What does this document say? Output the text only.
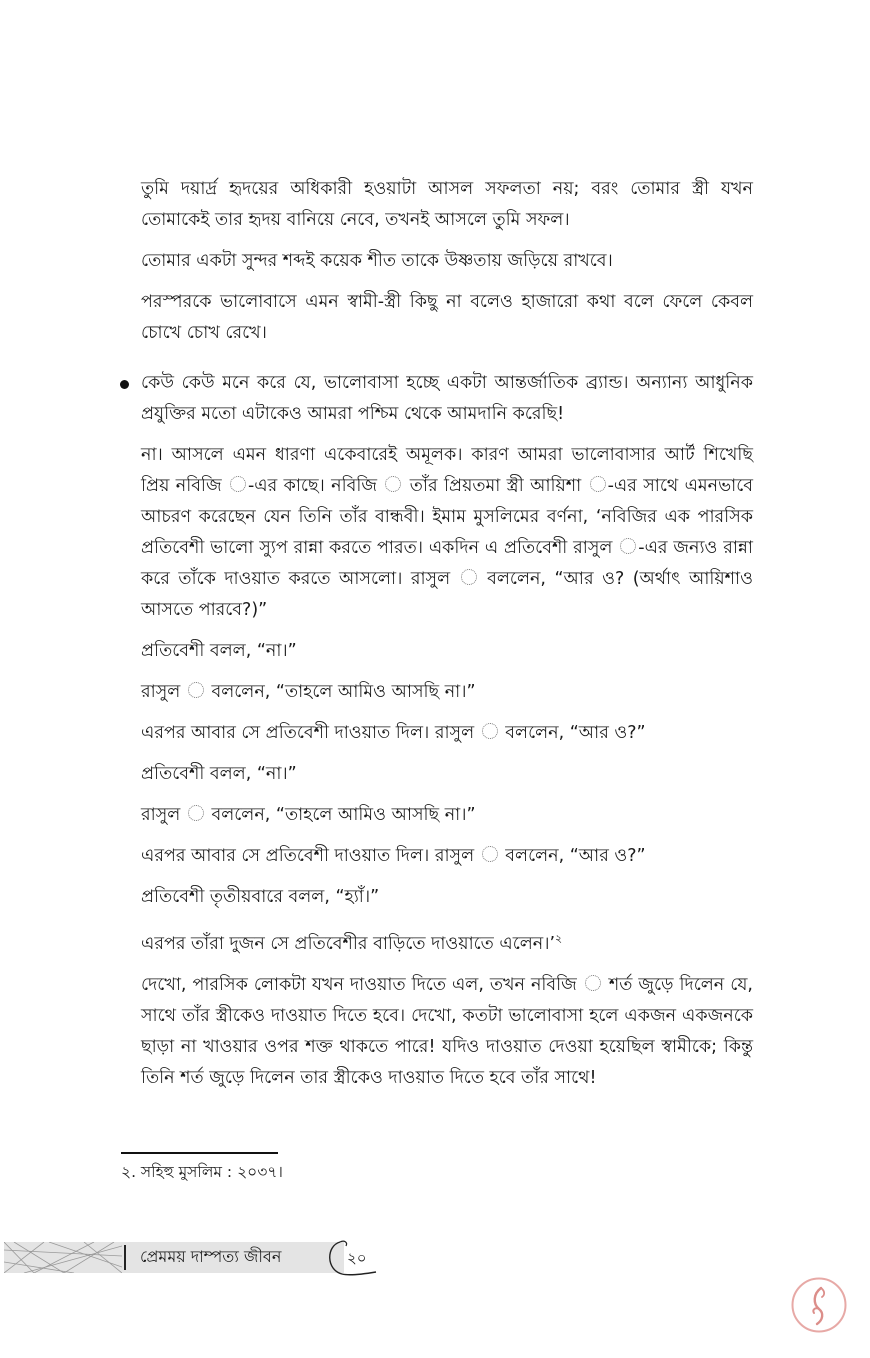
তুমি দয়ার্দ্র হৃদয়ের অধিকারী হওয়াটা আসল সফলতা নয়; বরং তোমার স্ত্রী যখন তোমাকেই তার হৃদয় বানিয়ে নেবে, তখনই আসলে তুমি সফল।

তোমার একটা সুন্দর শব্দই কয়েক শীত তাকে উষ্ণতায় জড়িয়ে রাখবে।

পরস্পরকে ভালোবাসে এমন স্বামী-স্ত্রী কিছু না বলেও হাজারো কথা বলে ফেলে কেবল চোখে চোখ রেখে।

কেউ কেউ মনে করে যে, ভালোবাসা হচ্ছে একটা আন্তর্জাতিক ব্র্যান্ড। অন্যান্য আধুনিক প্রযুক্তির মতো এটাকেও আমরা পশ্চিম থেকে আমদানি করেছি!

না। আসলে এমন ধারণা একেবারেই অমূলক। কারণ আমরা ভালোবাসার আর্ট শিখেছি প্রিয় নবিজি -এর কাছে। নবিজি তাঁর প্রিয়তমা স্ত্রী আয়িশা -এর সাথে এমনভাবে আচরণ করেছেন যেন তিনি তাঁর বান্ধবী। ইমাম মুসলিমের বর্ণনা, ‘নবিজির এক পারসিক প্রতিবেশী ভালো স্যুপ রান্না করতে পারত। একদিন এ প্রতিবেশী রাসুল -এর জন্যও রান্না করে তাঁকে দাওয়াত করতে আসলো। রাসুল বললেন, “আর ও? (অর্থাৎ আয়িশাও আসতে পারবে?)”

প্রতিবেশী বলল, “না।”

রাসুল বললেন, “তাহলে আমিও আসছি না।”

এরপর আবার সে প্রতিবেশী দাওয়াত দিল। রাসুল বললেন, “আর ও?”

প্রতিবেশী বলল, “না।”

রাসুল বললেন, “তাহলে আমিও আসছি না।”

এরপর আবার সে প্রতিবেশী দাওয়াত দিল। রাসুল বললেন, “আর ও?”

প্রতিবেশী তৃতীয়বারে বলল, “হ্যাঁ।”

এরপর তাঁরা দুজন সে প্রতিবেশীর বাড়িতে দাওয়াতে এলেন।’$^২$

দেখো, পারসিক লোকটা যখন দাওয়াত দিতে এল, তখন নবিজি শর্ত জুড়ে দিলেন যে, সাথে তাঁর স্ত্রীকেও দাওয়াত দিতে হবে। দেখো, কতটা ভালোবাসা হলে একজন একজনকে ছাড়া না খাওয়ার ওপর শক্ত থাকতে পারে! যদিও দাওয়াত দেওয়া হয়েছিল স্বামীকে; কিন্তু তিনি শর্ত জুড়ে দিলেন তার স্ত্রীকেও দাওয়াত দিতে হবে তাঁর সাথে!

২. সহিহু মুসলিম : ২০৩৭।

প্রেমময় দাম্পত্য জীবন	২০
